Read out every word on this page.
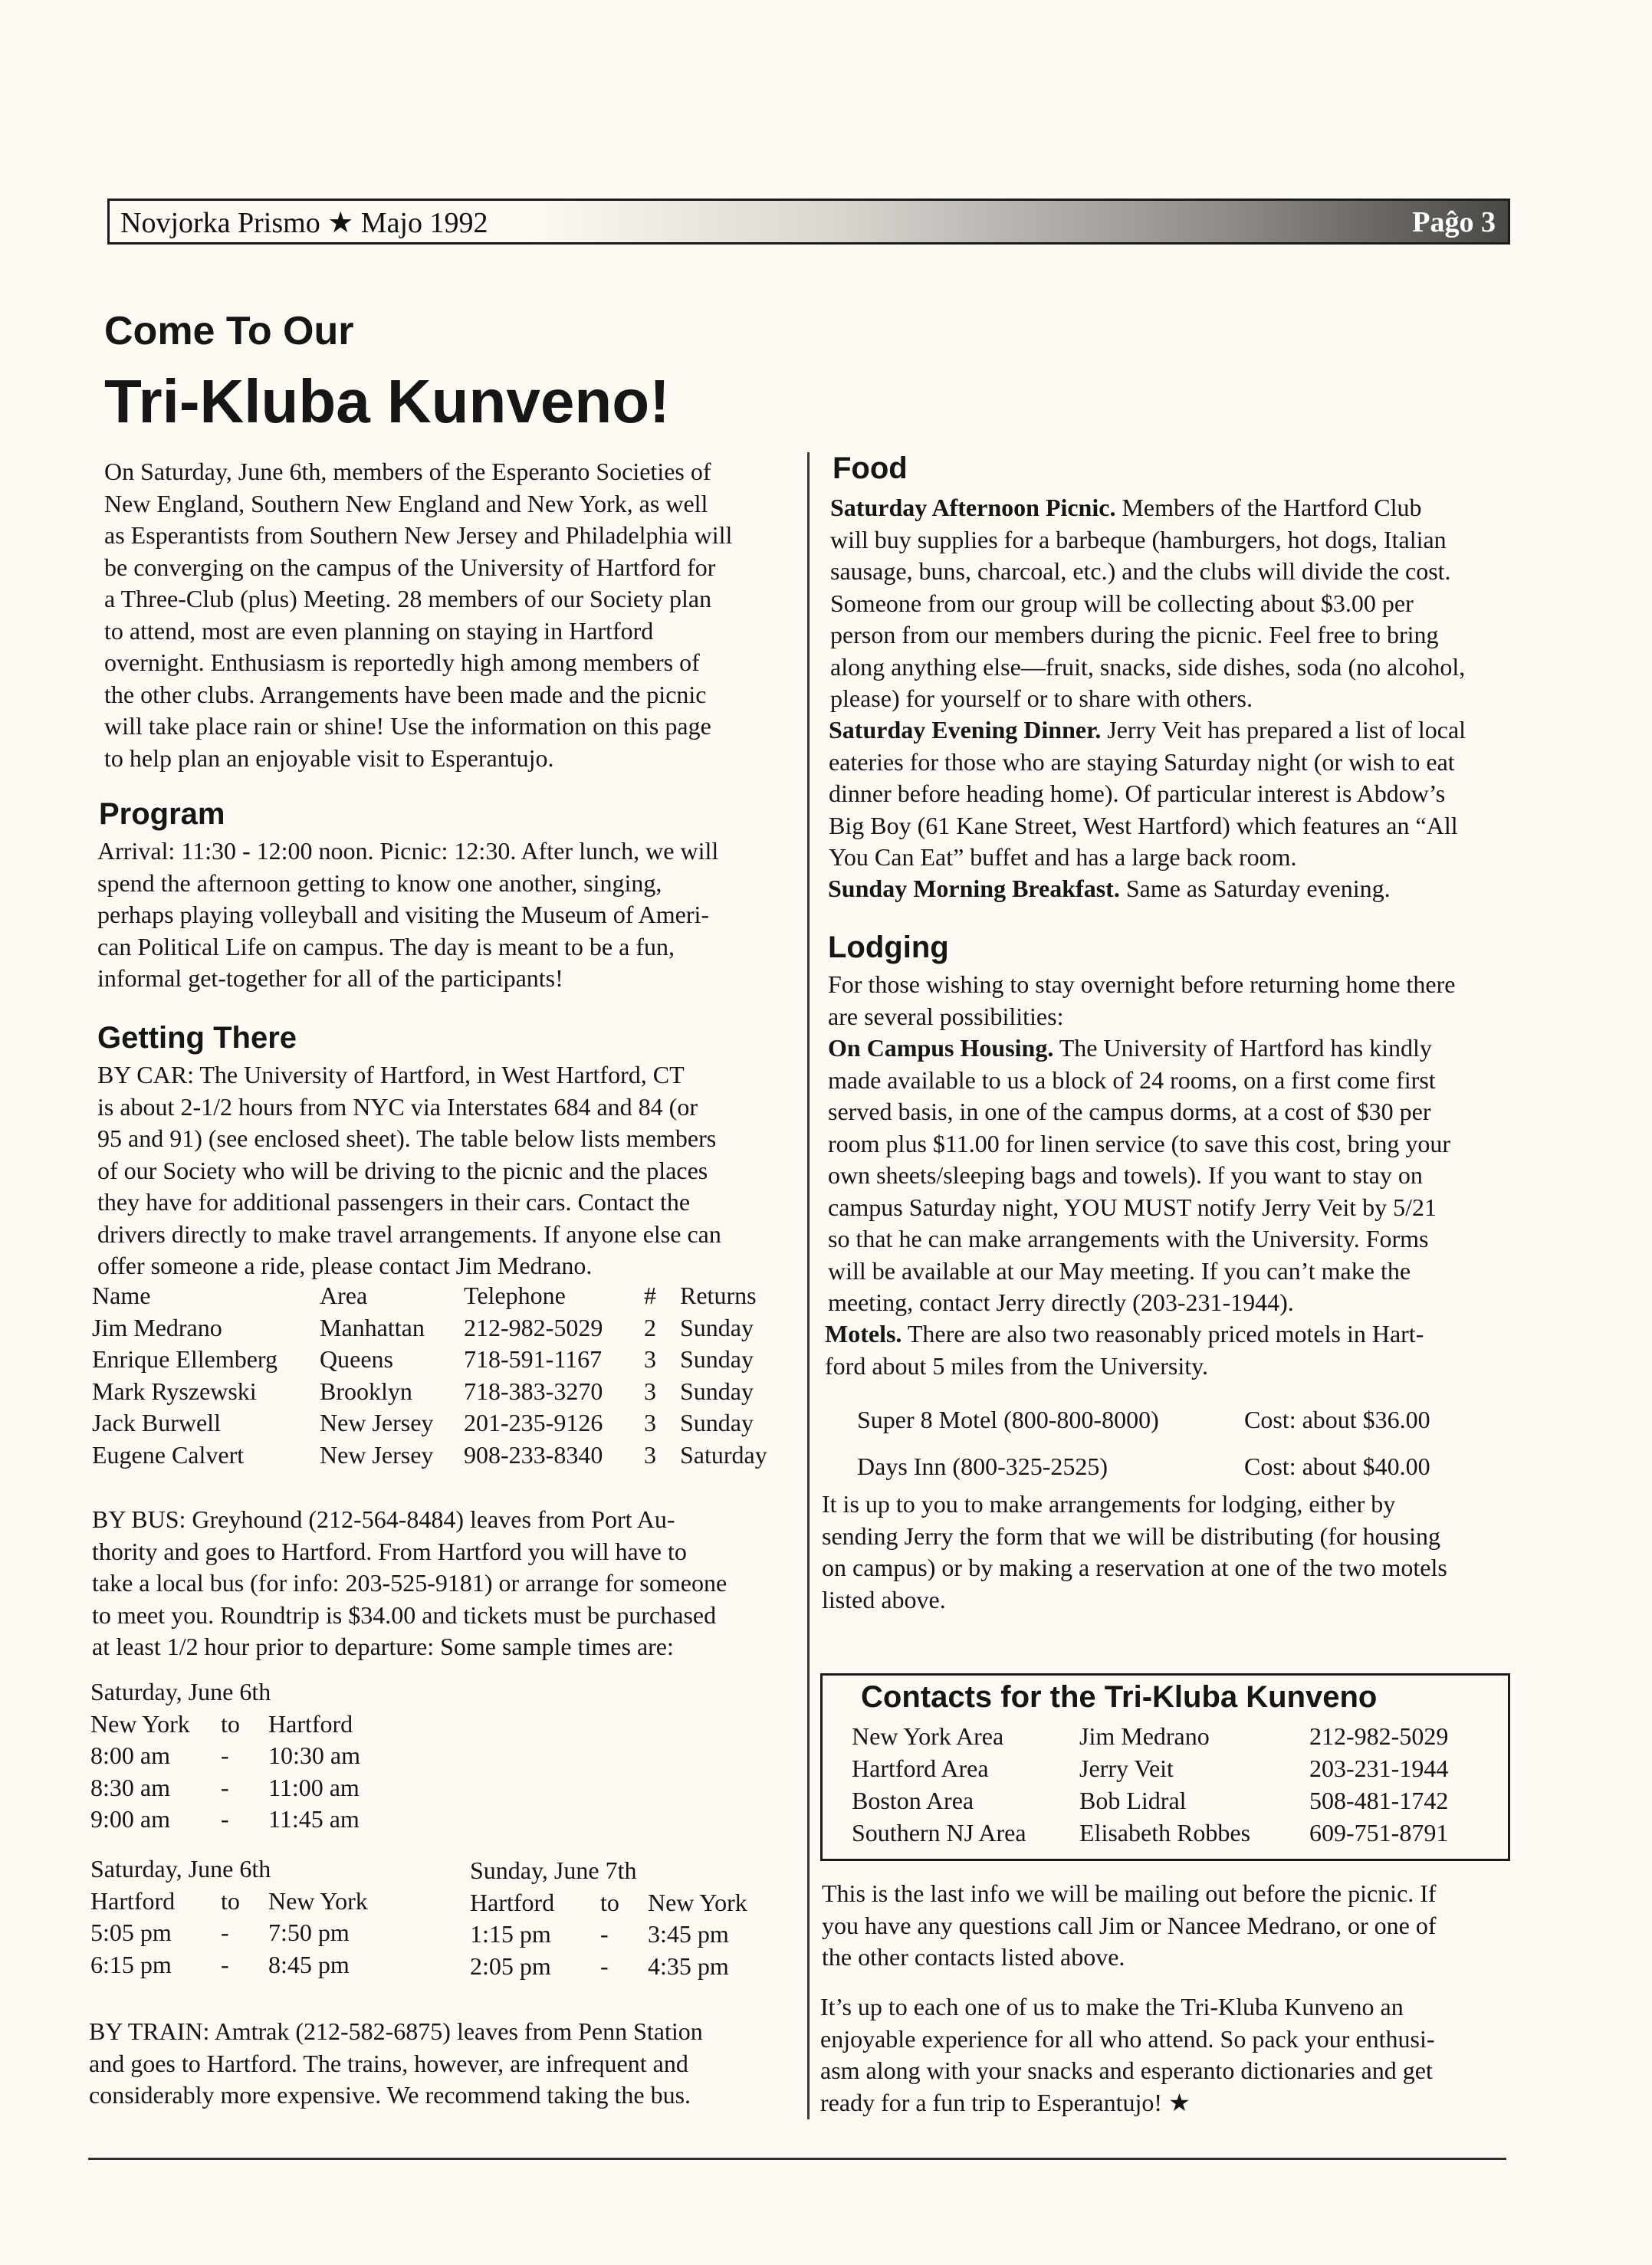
Novjorka Prismo ★ Majo 1992	Paĝo 3
Come To Our
Tri-Kluba Kunveno!
On Saturday, June 6th, members of the Esperanto Societies of
New England, Southern New England and New York, as well
as Esperantists from Southern New Jersey and Philadelphia will
be converging on the campus of the University of Hartford for
a Three-Club (plus) Meeting. 28 members of our Society plan
to attend, most are even planning on staying in Hartford
overnight. Enthusiasm is reportedly high among members of
the other clubs. Arrangements have been made and the picnic
will take place rain or shine! Use the information on this page
to help plan an enjoyable visit to Esperantujo.
Program
Arrival: 11:30 - 12:00 noon. Picnic: 12:30. After lunch, we will
spend the afternoon getting to know one another, singing,
perhaps playing volleyball and visiting the Museum of Ameri-
can Political Life on campus. The day is meant to be a fun,
informal get-together for all of the participants!
Getting There
BY CAR: The University of Hartford, in West Hartford, CT
is about 2-1/2 hours from NYC via Interstates 684 and 84 (or
95 and 91) (see enclosed sheet). The table below lists members
of our Society who will be driving to the picnic and the places
they have for additional passengers in their cars. Contact the
drivers directly to make travel arrangements. If anyone else can
offer someone a ride, please contact Jim Medrano.
Name	Area	Telephone	# Returns
Jim Medrano	Manhattan	212-982-5029	2 Sunday
Enrique Ellemberg	Queens	718-591-1167	3 Sunday
Mark Ryszewski	Brooklyn	718-383-3270	3 Sunday
Jack Burwell	New Jersey	201-235-9126	3 Sunday
Eugene Calvert	New Jersey	908-233-8340	3 Saturday
BY BUS: Greyhound (212-564-8484) leaves from Port Au-
thority and goes to Hartford. From Hartford you will have to
take a local bus (for info: 203-525-9181) or arrange for someone
to meet you. Roundtrip is $34.00 and tickets must be purchased
at least 1/2 hour prior to departure: Some sample times are:
Saturday, June 6th
New York	to	Hartford
8:00 am	-	10:30 am
8:30 am	-	11:00 am
9:00 am	-	11:45 am
Saturday, June 6th
Hartford	to	New York
5:05 pm	-	7:50 pm
6:15 pm	-	8:45 pm
Sunday, June 7th
Hartford	to	New York
1:15 pm	-	3:45 pm
2:05 pm	-	4:35 pm
BY TRAIN: Amtrak (212-582-6875) leaves from Penn Station
and goes to Hartford. The trains, however, are infrequent and
considerably more expensive. We recommend taking the bus.
Food
Saturday Afternoon Picnic. Members of the Hartford Club
will buy supplies for a barbeque (hamburgers, hot dogs, Italian
sausage, buns, charcoal, etc.) and the clubs will divide the cost.
Someone from our group will be collecting about $3.00 per
person from our members during the picnic. Feel free to bring
along anything else—fruit, snacks, side dishes, soda (no alcohol,
please) for yourself or to share with others.
Saturday Evening Dinner. Jerry Veit has prepared a list of local
eateries for those who are staying Saturday night (or wish to eat
dinner before heading home). Of particular interest is Abdow’s
Big Boy (61 Kane Street, West Hartford) which features an “All
You Can Eat” buffet and has a large back room.
Sunday Morning Breakfast. Same as Saturday evening.
Lodging
For those wishing to stay overnight before returning home there
are several possibilities:
On Campus Housing. The University of Hartford has kindly
made available to us a block of 24 rooms, on a first come first
served basis, in one of the campus dorms, at a cost of $30 per
room plus $11.00 for linen service (to save this cost, bring your
own sheets/sleeping bags and towels). If you want to stay on
campus Saturday night, YOU MUST notify Jerry Veit by 5/21
so that he can make arrangements with the University. Forms
will be available at our May meeting. If you can’t make the
meeting, contact Jerry directly (203-231-1944).
Motels. There are also two reasonably priced motels in Hart-
ford about 5 miles from the University.
Super 8 Motel (800-800-8000)	Cost: about $36.00
Days Inn (800-325-2525)	Cost: about $40.00
It is up to you to make arrangements for lodging, either by
sending Jerry the form that we will be distributing (for housing
on campus) or by making a reservation at one of the two motels
listed above.
Contacts for the Tri-Kluba Kunveno
New York Area	Jim Medrano	212-982-5029
Hartford Area	Jerry Veit	203-231-1944
Boston Area	Bob Lidral	508-481-1742
Southern NJ Area	Elisabeth Robbes	609-751-8791
This is the last info we will be mailing out before the picnic. If
you have any questions call Jim or Nancee Medrano, or one of
the other contacts listed above.
It’s up to each one of us to make the Tri-Kluba Kunveno an
enjoyable experience for all who attend. So pack your enthusi-
asm along with your snacks and esperanto dictionaries and get
ready for a fun trip to Esperantujo! ★
